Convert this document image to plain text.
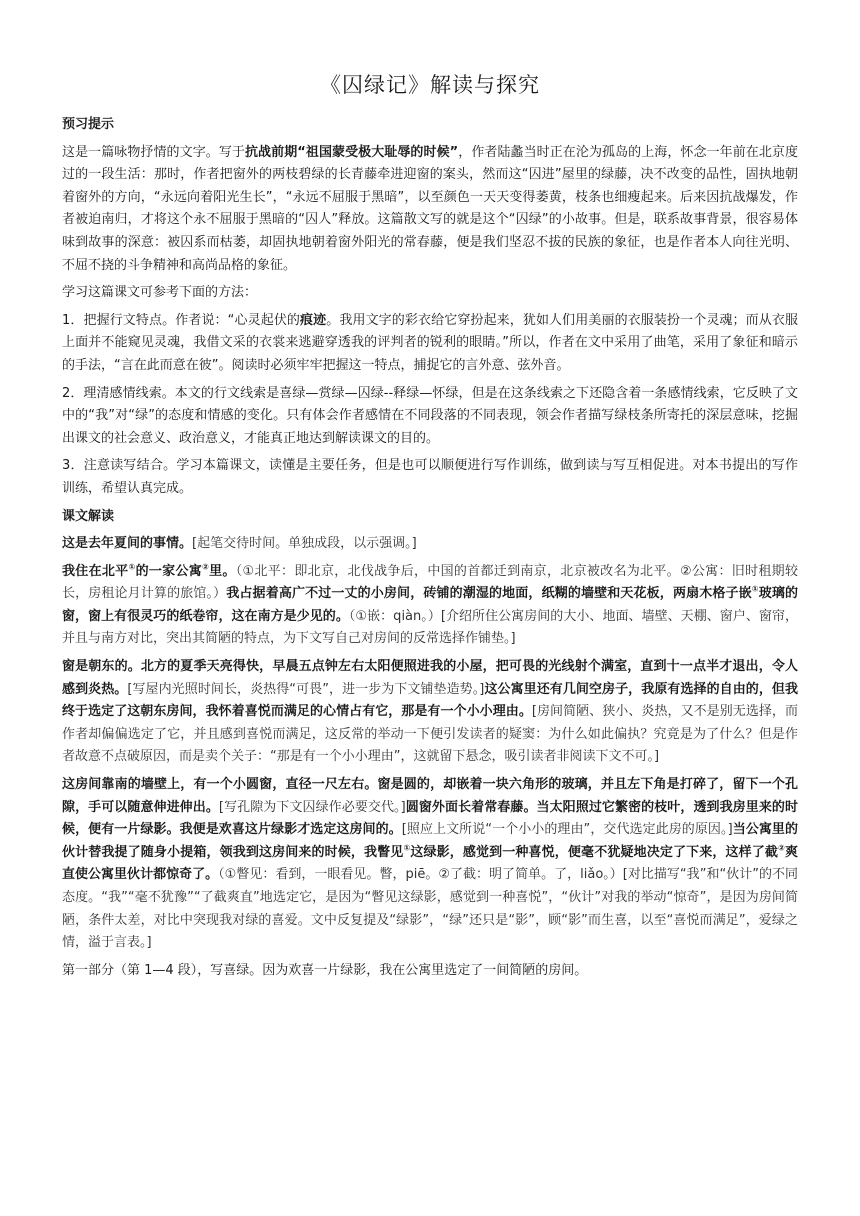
《囚绿记》解读与探究
预习提示

这是一篇咏物抒情的文字。写于抗战前期“祖国蒙受极大耻辱的时候”，作者陆蠡当时正在沦为孤岛的上海，怀念一年前在北京度过的一段生活：那时，作者把窗外的两枝碧绿的长青藤牵进迎窗的案头，然而这“囚进”屋里的绿藤，决不改变的品性，固执地朝着窗外的方向，“永远向着阳光生长”，“永远不屈服于黑暗”，以至颜色一天天变得萎黄，枝条也细瘦起来。后来因抗战爆发，作者被迫南归，才将这个永不屈服于黑暗的“囚人”释放。这篇散文写的就是这个“囚绿”的小故事。但是，联系故事背景，很容易体味到故事的深意：被囚系而枯萎，却固执地朝着窗外阳光的常春藤，便是我们坚忍不拔的民族的象征，也是作者本人向往光明、不屈不挠的斗争精神和高尚品格的象征。

学习这篇课文可参考下面的方法：

1．把握行文特点。作者说：“心灵起伏的痕迹。我用文字的彩衣给它穿扮起来，犹如人们用美丽的衣服装扮一个灵魂；而从衣服上面并不能窥见灵魂，我借文采的衣裳来逃避穿透我的评判者的锐利的眼睛。”所以，作者在文中采用了曲笔，采用了象征和暗示的手法，“言在此而意在彼”。阅读时必须牢牢把握这一特点，捕捉它的言外意、弦外音。

2．理清感情线索。本文的行文线索是喜绿—赏绿—囚绿--释绿—怀绿，但是在这条线索之下还隐含着一条感情线索，它反映了文中的“我”对“绿”的态度和情感的变化。只有体会作者感情在不同段落的不同表现，领会作者描写绿枝条所寄托的深层意味，挖掘出课文的社会意义、政治意义，才能真正地达到解读课文的目的。

3．注意读写结合。学习本篇课文，读懂是主要任务，但是也可以顺便进行写作训练，做到读与写互相促进。对本书提出的写作训练，希望认真完成。

课文解读

这是去年夏间的事情。[起笔交待时间。单独成段，以示强调。]

我住在北平①的一家公寓②里。（①北平：即北京，北伐战争后，中国的首都迁到南京，北京被改名为北平。②公寓：旧时租期较长，房租论月计算的旅馆。）我占据着高广不过一丈的小房间，砖铺的潮湿的地面，纸糊的墙壁和天花板，两扇木格子嵌①玻璃的窗，窗上有很灵巧的纸卷帘，这在南方是少见的。（①嵌：qiàn。）[介绍所住公寓房间的大小、地面、墙壁、天棚、窗户、窗帘，并且与南方对比，突出其简陋的特点，为下文写自己对房间的反常选择作铺垫。]

窗是朝东的。北方的夏季天亮得快，早晨五点钟左右太阳便照进我的小屋，把可畏的光线射个满室，直到十一点半才退出，令人感到炎热。[写屋内光照时间长，炎热得“可畏”，进一步为下文铺垫造势。]这公寓里还有几间空房子，我原有选择的自由的，但我终于选定了这朝东房间，我怀着喜悦而满足的心情占有它，那是有一个小小理由。[房间简陋、狭小、炎热，又不是别无选择，而作者却偏偏选定了它，并且感到喜悦而满足，这反常的举动一下便引发读者的疑窦：为什么如此偏执？究竟是为了什么？但是作者故意不点破原因，而是卖个关子：“那是有一个小小理由”，这就留下悬念，吸引读者非阅读下文不可。]

这房间靠南的墙壁上，有一个小圆窗，直径一尺左右。窗是圆的，却嵌着一块六角形的玻璃，并且左下角是打碎了，留下一个孔隙，手可以随意伸进伸出。[写孔隙为下文囚绿作必要交代。]圆窗外面长着常春藤。当太阳照过它繁密的枝叶，透到我房里来的时候，便有一片绿影。我便是欢喜这片绿影才选定这房间的。[照应上文所说“一个小小的理由”，交代选定此房的原因。]当公寓里的伙计替我提了随身小提箱，领我到这房间来的时候，我瞥见①这绿影，感觉到一种喜悦，便毫不犹疑地决定了下来，这样了截②爽直使公寓里伙计都惊奇了。（①瞥见：看到，一眼看见。瞥，piē。②了截：明了简单。了，liǎo。）[对比描写“我”和“伙计”的不同态度。“我”“毫不犹豫”“了截爽直”地选定它，是因为“瞥见这绿影，感觉到一种喜悦”，“伙计”对我的举动“惊奇”，是因为房间简陋，条件太差，对比中突现我对绿的喜爱。文中反复提及“绿影”，“绿”还只是“影”，顾“影”而生喜，以至“喜悦而满足”，爱绿之情，溢于言表。]

第一部分（第 1—4 段），写喜绿。因为欢喜一片绿影，我在公寓里选定了一间简陋的房间。
